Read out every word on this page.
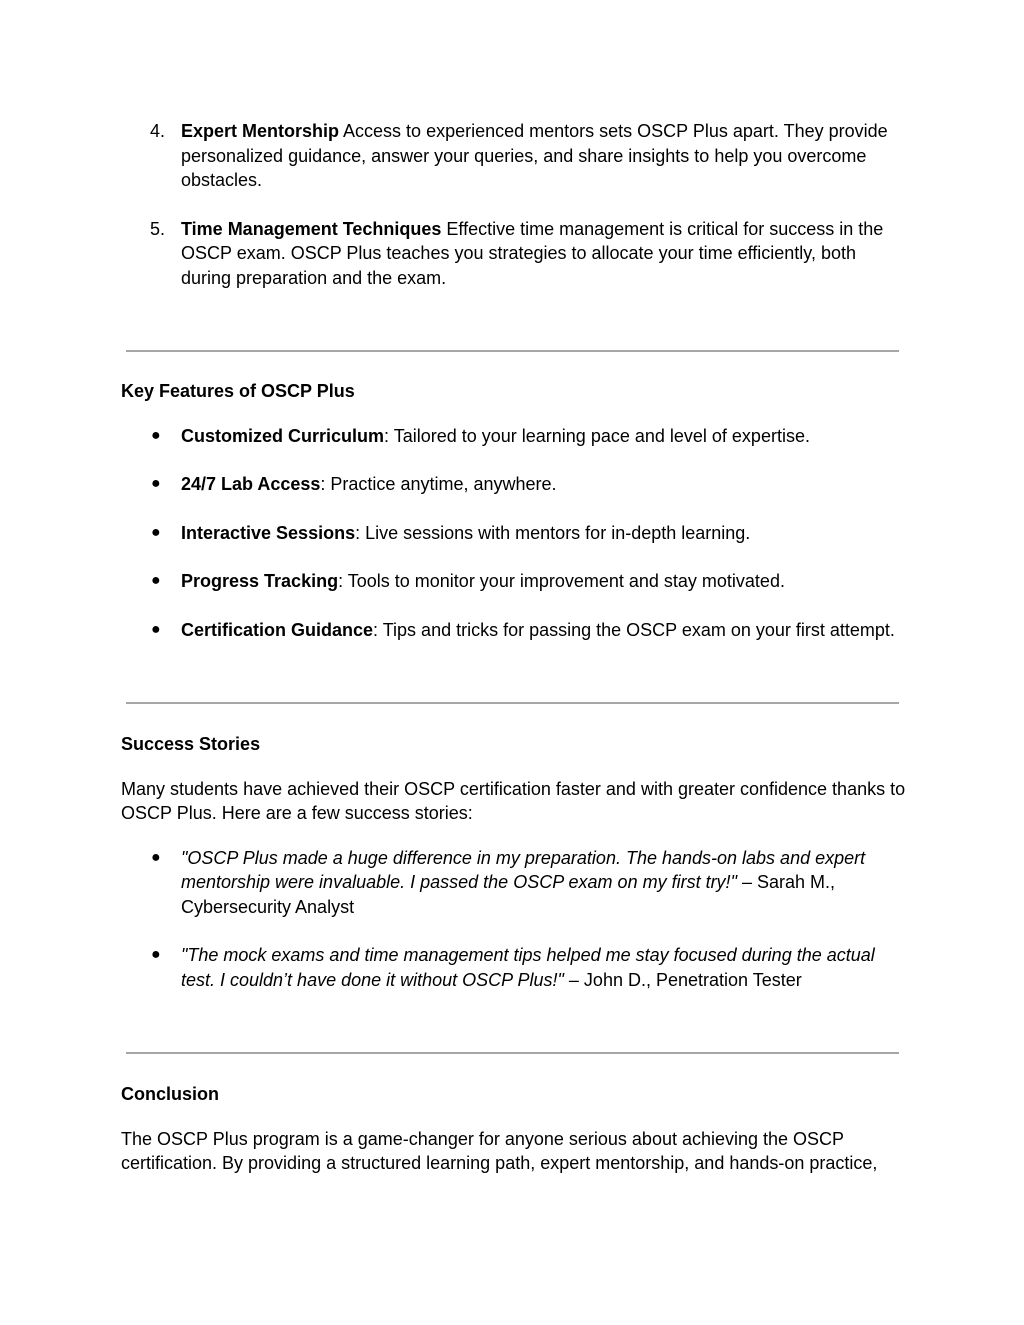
4. Expert Mentorship Access to experienced mentors sets OSCP Plus apart. They provide personalized guidance, answer your queries, and share insights to help you overcome obstacles.
5. Time Management Techniques Effective time management is critical for success in the OSCP exam. OSCP Plus teaches you strategies to allocate your time efficiently, both during preparation and the exam.
Key Features of OSCP Plus
● Customized Curriculum: Tailored to your learning pace and level of expertise.
● 24/7 Lab Access: Practice anytime, anywhere.
● Interactive Sessions: Live sessions with mentors for in-depth learning.
● Progress Tracking: Tools to monitor your improvement and stay motivated.
● Certification Guidance: Tips and tricks for passing the OSCP exam on your first attempt.
Success Stories

Many students have achieved their OSCP certification faster and with greater confidence thanks to OSCP Plus. Here are a few success stories:

● "OSCP Plus made a huge difference in my preparation. The hands-on labs and expert mentorship were invaluable. I passed the OSCP exam on my first try!" – Sarah M., Cybersecurity Analyst
● "The mock exams and time management tips helped me stay focused during the actual test. I couldn’t have done it without OSCP Plus!" – John D., Penetration Tester
Conclusion

The OSCP Plus program is a game-changer for anyone serious about achieving the OSCP certification. By providing a structured learning path, expert mentorship, and hands-on practice,
